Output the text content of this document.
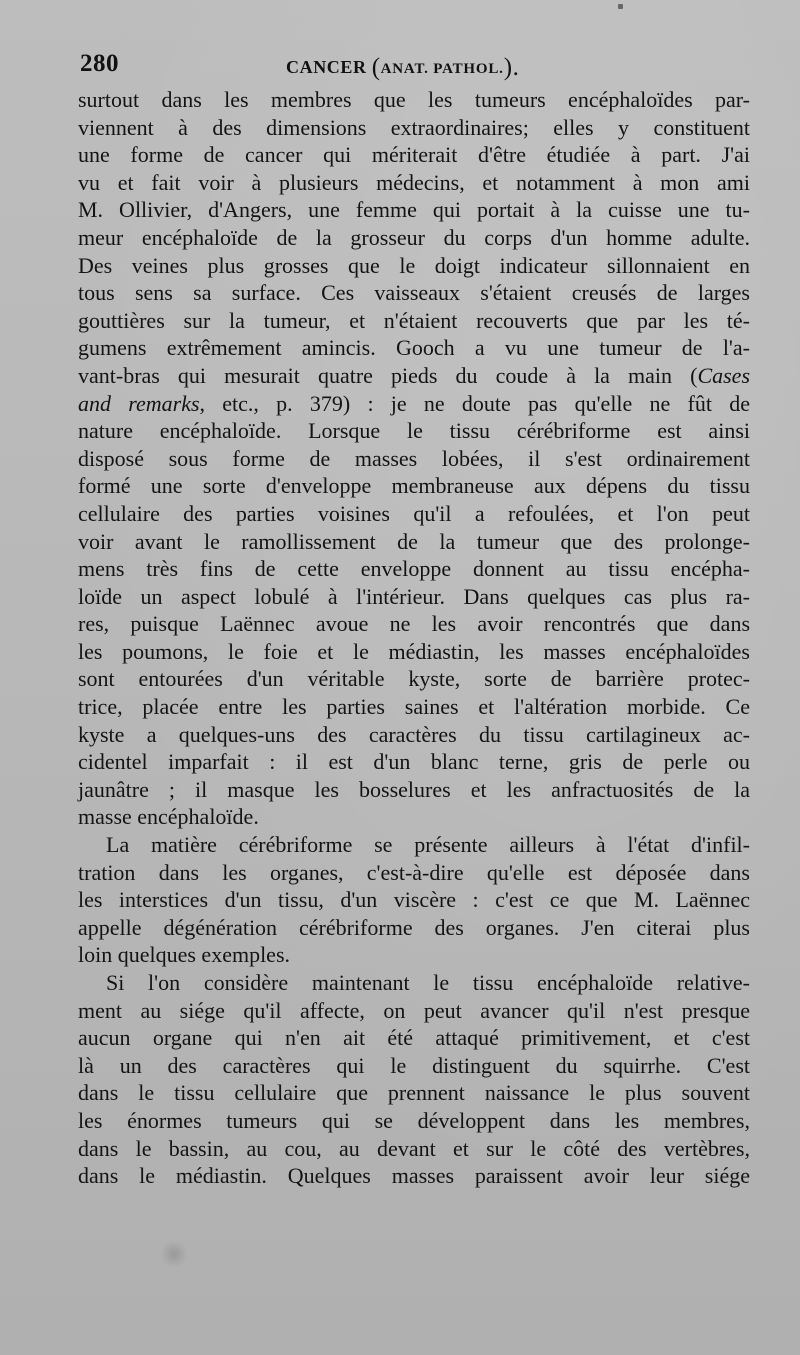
280	CANCER (ANAT. PATHOL.).
surtout dans les membres que les tumeurs encéphaloïdes par-
viennent à des dimensions extraordinaires; elles y constituent
une forme de cancer qui mériterait d'être étudiée à part. J'ai
vu et fait voir à plusieurs médecins, et notamment à mon ami
M. Ollivier, d'Angers, une femme qui portait à la cuisse une tu-
meur encéphaloïde de la grosseur du corps d'un homme adulte.
Des veines plus grosses que le doigt indicateur sillonnaient en
tous sens sa surface. Ces vaisseaux s'étaient creusés de larges
gouttières sur la tumeur, et n'étaient recouverts que par les té-
gumens extrêmement amincis. Gooch a vu une tumeur de l'a-
vant-bras qui mesurait quatre pieds du coude à la main (Cases
and remarks, etc., p. 379) : je ne doute pas qu'elle ne fût de
nature encéphaloïde. Lorsque le tissu cérébriforme est ainsi
disposé sous forme de masses lobées, il s'est ordinairement
formé une sorte d'enveloppe membraneuse aux dépens du tissu
cellulaire des parties voisines qu'il a refoulées, et l'on peut
voir avant le ramollissement de la tumeur que des prolonge-
mens très fins de cette enveloppe donnent au tissu encépha-
loïde un aspect lobulé à l'intérieur. Dans quelques cas plus ra-
res, puisque Laënnec avoue ne les avoir rencontrés que dans
les poumons, le foie et le médiastin, les masses encéphaloïdes
sont entourées d'un véritable kyste, sorte de barrière protec-
trice, placée entre les parties saines et l'altération morbide. Ce
kyste a quelques-uns des caractères du tissu cartilagineux ac-
cidentel imparfait : il est d'un blanc terne, gris de perle ou
jaunâtre ; il masque les bosselures et les anfractuosités de la
masse encéphaloïde.
La matière cérébriforme se présente ailleurs à l'état d'infil-
tration dans les organes, c'est-à-dire qu'elle est déposée dans
les interstices d'un tissu, d'un viscère : c'est ce que M. Laënnec
appelle dégénération cérébriforme des organes. J'en citerai plus
loin quelques exemples.
Si l'on considère maintenant le tissu encéphaloïde relative-
ment au siége qu'il affecte, on peut avancer qu'il n'est presque
aucun organe qui n'en ait été attaqué primitivement, et c'est
là un des caractères qui le distinguent du squirrhe. C'est
dans le tissu cellulaire que prennent naissance le plus souvent
les énormes tumeurs qui se développent dans les membres,
dans le bassin, au cou, au devant et sur le côté des vertèbres,
dans le médiastin. Quelques masses paraissent avoir leur siége
